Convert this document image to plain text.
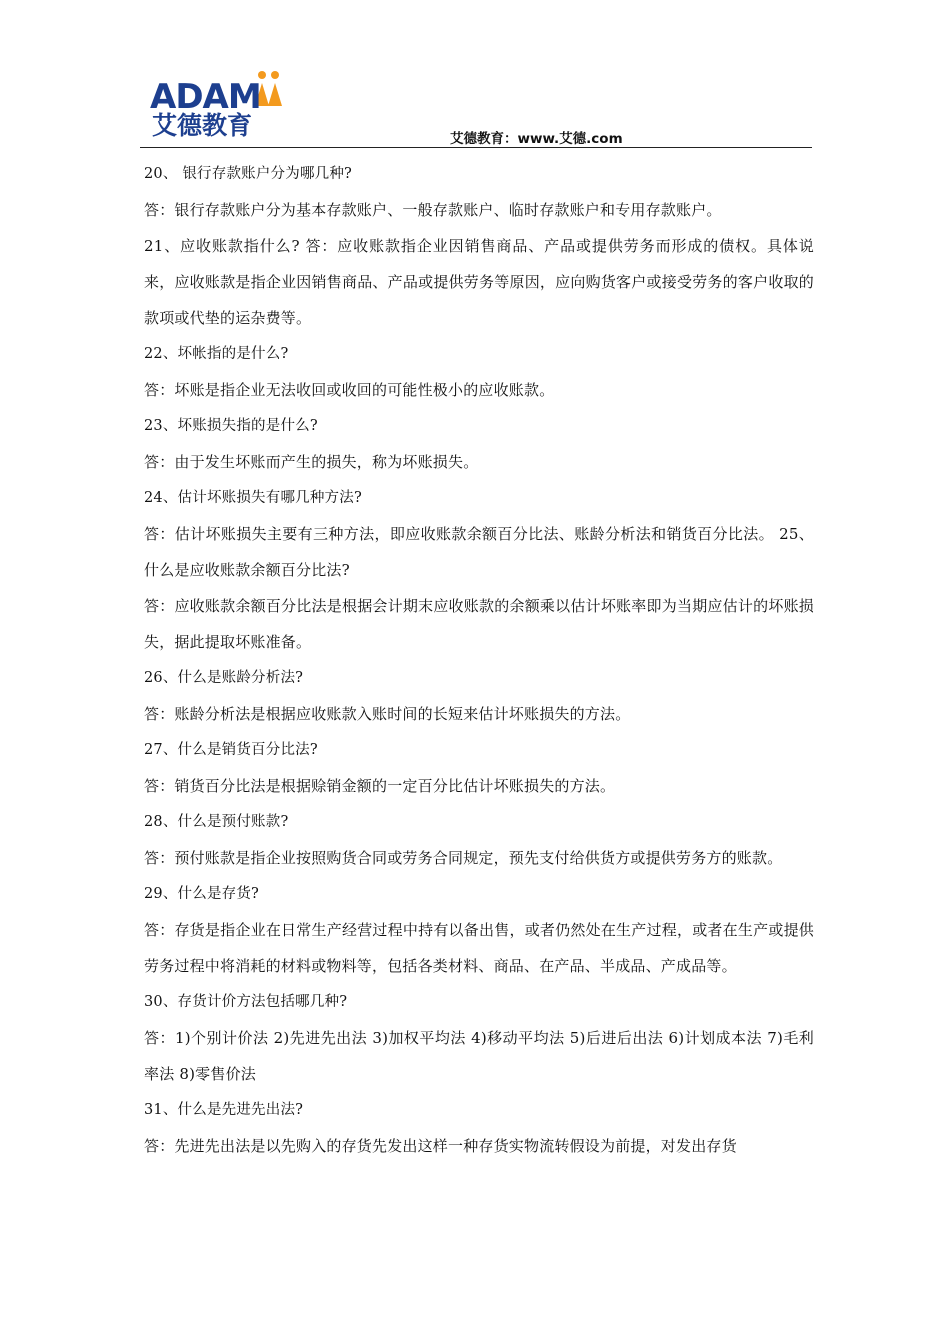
ADAM
艾德教育	艾德教育：www.艾德.com

20、 银行存款账户分为哪几种?

答：银行存款账户分为基本存款账户、一般存款账户、临时存款账户和专用存款账户。

21、应收账款指什么? 答：应收账款指企业因销售商品、产品或提供劳务而形成的债权。具体说来，应收账款是指企业因销售商品、产品或提供劳务等原因，应向购货客户或接受劳务的客户收取的款项或代垫的运杂费等。

22、坏帐指的是什么?

答：坏账是指企业无法收回或收回的可能性极小的应收账款。

23、坏账损失指的是什么?

答：由于发生坏账而产生的损失，称为坏账损失。

24、估计坏账损失有哪几种方法?

答：估计坏账损失主要有三种方法，即应收账款余额百分比法、账龄分析法和销货百分比法。 25、什么是应收账款余额百分比法?

答：应收账款余额百分比法是根据会计期末应收账款的余额乘以估计坏账率即为当期应估计的坏账损失，据此提取坏账准备。

26、什么是账龄分析法?

答：账龄分析法是根据应收账款入账时间的长短来估计坏账损失的方法。

27、什么是销货百分比法?

答：销货百分比法是根据赊销金额的一定百分比估计坏账损失的方法。

28、什么是预付账款?

答：预付账款是指企业按照购货合同或劳务合同规定，预先支付给供货方或提供劳务方的账款。

29、什么是存货?

答：存货是指企业在日常生产经营过程中持有以备出售，或者仍然处在生产过程，或者在生产或提供劳务过程中将消耗的材料或物料等，包括各类材料、商品、在产品、半成品、产成品等。

30、存货计价方法包括哪几种?

答：1)个别计价法 2)先进先出法 3)加权平均法 4)移动平均法 5)后进后出法 6)计划成本法 7)毛利率法 8)零售价法

31、什么是先进先出法?

答：先进先出法是以先购入的存货先发出这样一种存货实物流转假设为前提，对发出存货
